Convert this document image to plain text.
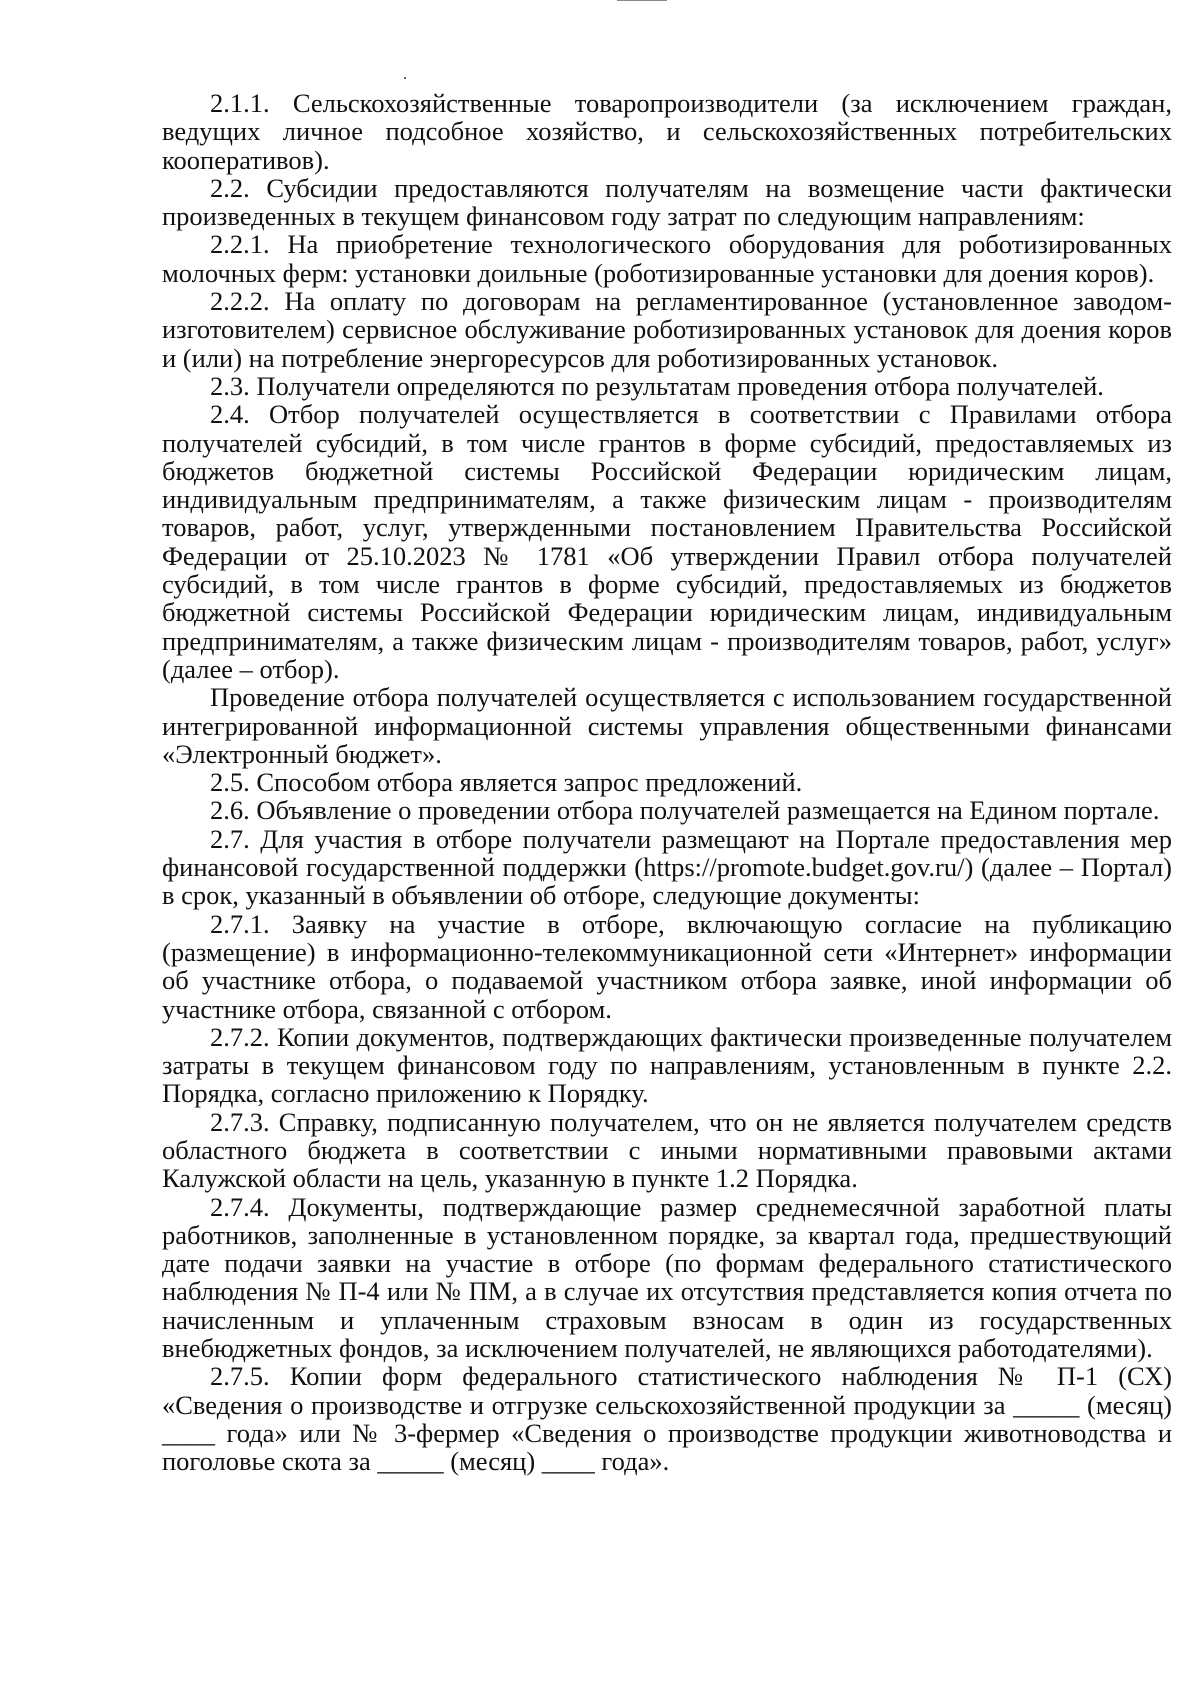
2.1.1. Сельскохозяйственные товаропроизводители (за исключением граждан, ведущих личное подсобное хозяйство, и сельскохозяйственных потребительских кооперативов).

2.2. Субсидии предоставляются получателям на возмещение части фактически произведенных в текущем финансовом году затрат по следующим направлениям:

2.2.1. На приобретение технологического оборудования для роботизированных молочных ферм: установки доильные (роботизированные установки для доения коров).

2.2.2. На оплату по договорам на регламентированное (установленное заводом-изготовителем) сервисное обслуживание роботизированных установок для доения коров и (или) на потребление энергоресурсов для роботизированных установок.

2.3. Получатели определяются по результатам проведения отбора получателей.

2.4. Отбор получателей осуществляется в соответствии с Правилами отбора получателей субсидий, в том числе грантов в форме субсидий, предоставляемых из бюджетов бюджетной системы Российской Федерации юридическим лицам, индивидуальным предпринимателям, а также физическим лицам - производителям товаров, работ, услуг, утвержденными постановлением Правительства Российской Федерации от 25.10.2023 № 1781 «Об утверждении Правил отбора получателей субсидий, в том числе грантов в форме субсидий, предоставляемых из бюджетов бюджетной системы Российской Федерации юридическим лицам, индивидуальным предпринимателям, а также физическим лицам - производителям товаров, работ, услуг» (далее – отбор).

Проведение отбора получателей осуществляется с использованием государственной интегрированной информационной системы управления общественными финансами «Электронный бюджет».

2.5. Способом отбора является запрос предложений.

2.6. Объявление о проведении отбора получателей размещается на Едином портале.

2.7. Для участия в отборе получатели размещают на Портале предоставления мер финансовой государственной поддержки (https://promote.budget.gov.ru/) (далее – Портал) в срок, указанный в объявлении об отборе, следующие документы:

2.7.1. Заявку на участие в отборе, включающую согласие на публикацию (размещение) в информационно-телекоммуникационной сети «Интернет» информации об участнике отбора, о подаваемой участником отбора заявке, иной информации об участнике отбора, связанной с отбором.

2.7.2. Копии документов, подтверждающих фактически произведенные получателем затраты в текущем финансовом году по направлениям, установленным в пункте 2.2. Порядка, согласно приложению к Порядку.

2.7.3. Справку, подписанную получателем, что он не является получателем средств областного бюджета в соответствии с иными нормативными правовыми актами Калужской области на цель, указанную в пункте 1.2 Порядка.

2.7.4. Документы, подтверждающие размер среднемесячной заработной платы работников, заполненные в установленном порядке, за квартал года, предшествующий дате подачи заявки на участие в отборе (по формам федерального статистического наблюдения № П-4 или № ПМ, а в случае их отсутствия представляется копия отчета по начисленным и уплаченным страховым взносам в один из государственных внебюджетных фондов, за исключением получателей, не являющихся работодателями).

2.7.5. Копии форм федерального статистического наблюдения № П-1 (СХ) «Сведения о производстве и отгрузке сельскохозяйственной продукции за _____ (месяц) ____ года» или № 3-фермер «Сведения о производстве продукции животноводства и поголовье скота за _____ (месяц) ____ года».
